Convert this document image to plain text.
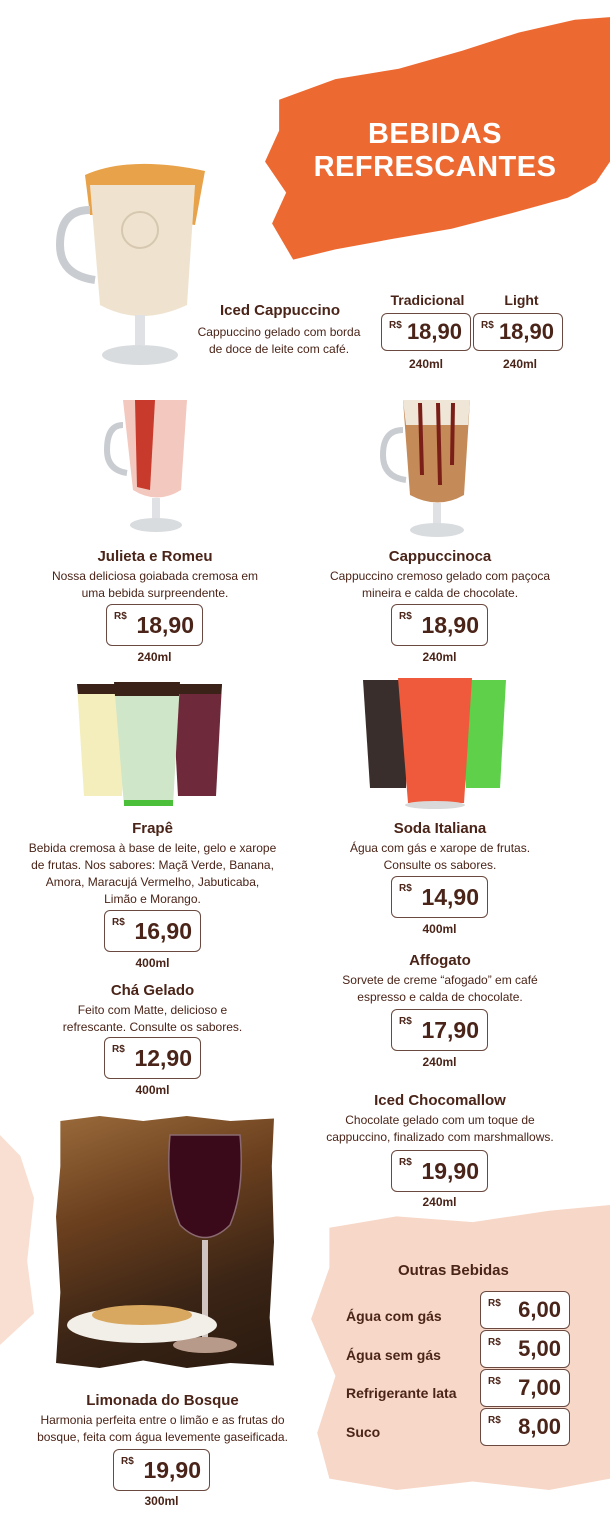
BEBIDAS
REFRESCANTES
Iced Cappuccino
Cappuccino gelado com borda
de doce de leite com café.
Tradicional	Light
R$ 18,90 R$ 18,90
240ml	240ml
Julieta e Romeu
Nossa deliciosa goiabada cremosa em
uma bebida surpreendente.
R$ 18,90
240ml
Cappuccinoca
Cappuccino cremoso gelado com paçoca
mineira e calda de chocolate.
R$ 18,90
240ml
Frapê
Bebida cremosa à base de leite, gelo e xarope
de frutas. Nos sabores: Maçã Verde, Banana,
Amora, Maracujá Vermelho, Jabuticaba,
Limão e Morango.
R$ 16,90
400ml
Soda Italiana
Água com gás e xarope de frutas.
Consulte os sabores.
R$ 14,90
400ml
Chá Gelado
Feito com Matte, delicioso e
refrescante. Consulte os sabores.
R$ 12,90
400ml
Affogato
Sorvete de creme “afogado” em café
espresso e calda de chocolate.
R$ 17,90
240ml
Iced Chocomallow
Chocolate gelado com um toque de
cappuccino, finalizado com marshmallows.
R$ 19,90
240ml
Limonada do Bosque
Harmonia perfeita entre o limão e as frutas do
bosque, feita com água levemente gaseificada.
R$ 19,90
300ml
Outras Bebidas
Água com gás
R$ 6,00
Água sem gás
R$ 5,00
Refrigerante lata
R$ 7,00
Suco
R$ 8,00
